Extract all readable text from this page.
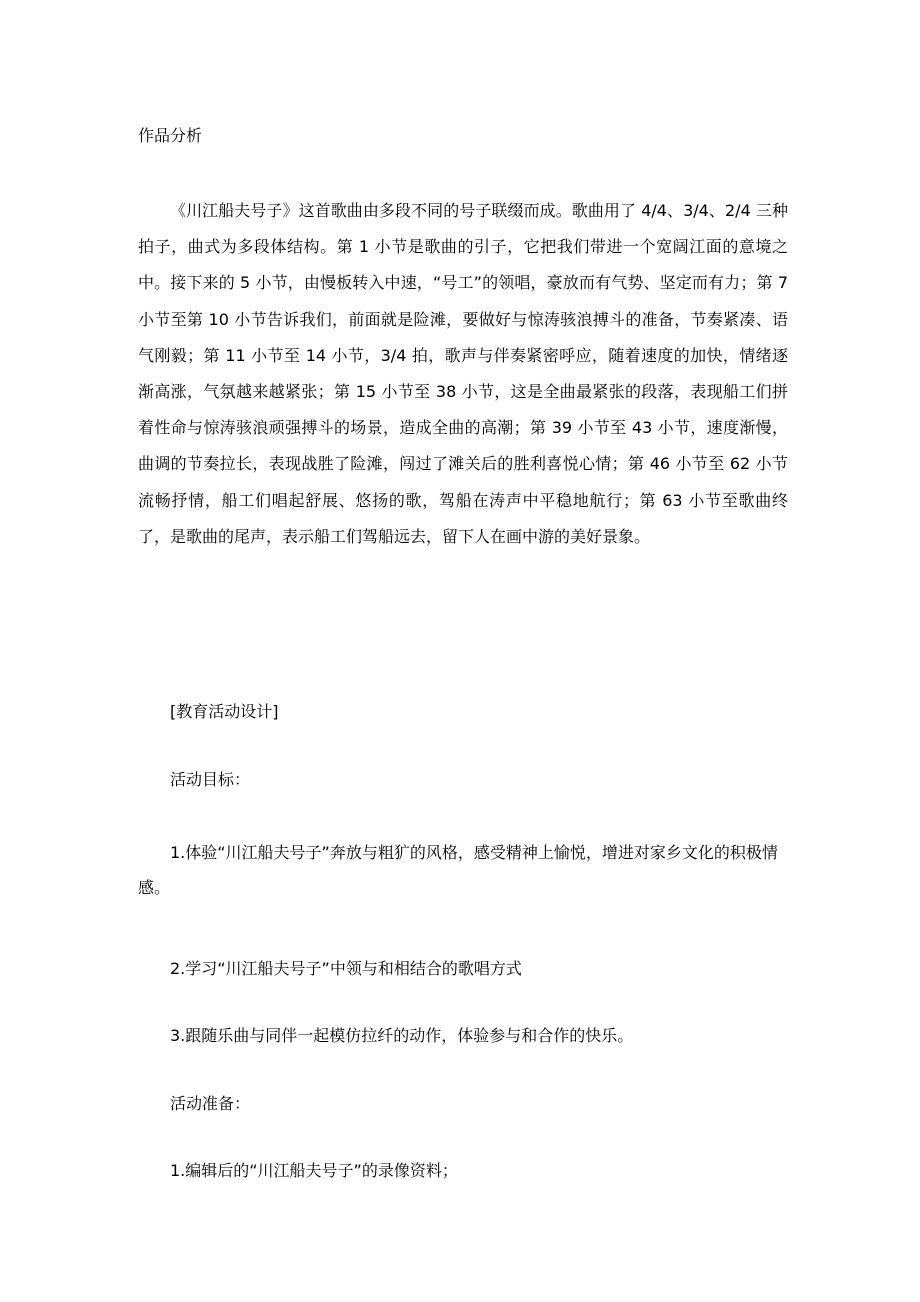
作品分析
《川江船夫号子》这首歌曲由多段不同的号子联缀而成。歌曲用了 4/4、3/4、2/4 三种拍子，曲式为多段体结构。第 1 小节是歌曲的引子，它把我们带进一个宽阔江面的意境之中。接下来的 5 小节，由慢板转入中速，“号工”的领唱，豪放而有气势、坚定而有力；第 7 小节至第 10 小节告诉我们，前面就是险滩，要做好与惊涛骇浪搏斗的准备，节奏紧凑、语气刚毅；第 11 小节至 14 小节，3/4 拍，歌声与伴奏紧密呼应，随着速度的加快，情绪逐渐高涨，气氛越来越紧张；第 15 小节至 38 小节，这是全曲最紧张的段落，表现船工们拼着性命与惊涛骇浪顽强搏斗的场景，造成全曲的高潮；第 39 小节至 43 小节，速度渐慢，曲调的节奏拉长，表现战胜了险滩，闯过了滩关后的胜利喜悦心情；第 46 小节至 62 小节流畅抒情，船工们唱起舒展、悠扬的歌，驾船在涛声中平稳地航行；第 63 小节至歌曲终了，是歌曲的尾声，表示船工们驾船远去，留下人在画中游的美好景象。
[教育活动设计]
活动目标：
1.体验“川江船夫号子”奔放与粗犷的风格，感受精神上愉悦，增进对家乡文化的积极情感。
2.学习“川江船夫号子”中领与和相结合的歌唱方式
3.跟随乐曲与同伴一起模仿拉纤的动作，体验参与和合作的快乐。
活动准备：
1.编辑后的“川江船夫号子”的录像资料；
